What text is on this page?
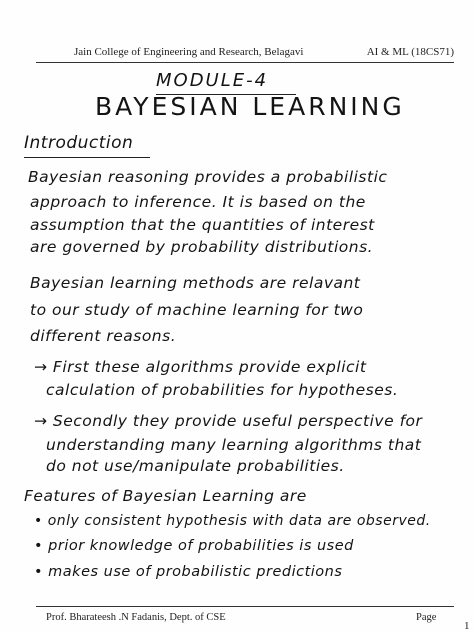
Jain College of Engineering and Research, Belagavi	AI & ML (18CS71)
MODULE-4
BAYESIAN LEARNING
Introduction
Bayesian reasoning provides a probabilistic
approach to inference. It is based on the
assumption that the quantities of interest
are governed by probability distributions.
Bayesian learning methods are relavant
to our study of machine learning for two
different reasons.
→ First these algorithms provide explicit
calculation of probabilities for hypotheses.
→ Secondly they provide useful perspective for
understanding many learning algorithms that
do not use/manipulate probabilities.
Features of Bayesian Learning are
• only consistent hypothesis with data are observed.
• prior knowledge of probabilities is used
• makes use of probabilistic predictions
Prof. Bharateesh .N Fadanis, Dept. of CSE	Page
1
